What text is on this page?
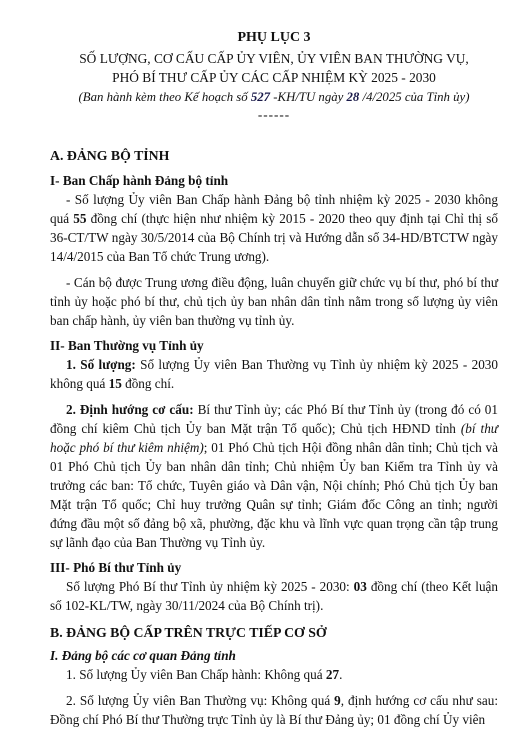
PHỤ LỤC 3
SỐ LƯỢNG, CƠ CẤU CẤP ỦY VIÊN, ỦY VIÊN BAN THƯỜNG VỤ,
PHÓ BÍ THƯ CẤP ỦY CÁC CẤP NHIỆM KỲ 2025 - 2030
(Ban hành kèm theo Kế hoạch số 527 -KH/TU ngày 28 /4/2025 của Tỉnh ủy)
------
A. ĐẢNG BỘ TỈNH
I- Ban Chấp hành Đảng bộ tỉnh

- Số lượng Ủy viên Ban Chấp hành Đảng bộ tỉnh nhiệm kỳ 2025 - 2030 không quá 55 đồng chí (thực hiện như nhiệm kỳ 2015 - 2020 theo quy định tại Chỉ thị số 36-CT/TW ngày 30/5/2014 của Bộ Chính trị và Hướng dẫn số 34-HD/BTCTW ngày 14/4/2015 của Ban Tổ chức Trung ương).

- Cán bộ được Trung ương điều động, luân chuyển giữ chức vụ bí thư, phó bí thư tỉnh ủy hoặc phó bí thư, chủ tịch ủy ban nhân dân tỉnh nằm trong số lượng ủy viên ban chấp hành, ủy viên ban thường vụ tỉnh ủy.

II- Ban Thường vụ Tỉnh ủy

1. Số lượng: Số lượng Ủy viên Ban Thường vụ Tỉnh ủy nhiệm kỳ 2025 - 2030 không quá 15 đồng chí.

2. Định hướng cơ cấu: Bí thư Tỉnh ủy; các Phó Bí thư Tỉnh ủy (trong đó có 01 đồng chí kiêm Chủ tịch Ủy ban Mặt trận Tổ quốc); Chủ tịch HĐND tỉnh (bí thư hoặc phó bí thư kiêm nhiệm); 01 Phó Chủ tịch Hội đồng nhân dân tỉnh; Chủ tịch và 01 Phó Chủ tịch Ủy ban nhân dân tỉnh; Chủ nhiệm Ủy ban Kiểm tra Tỉnh ủy và trưởng các ban: Tổ chức, Tuyên giáo và Dân vận, Nội chính; Phó Chủ tịch Ủy ban Mặt trận Tổ quốc; Chỉ huy trưởng Quân sự tỉnh; Giám đốc Công an tỉnh; người đứng đầu một số đảng bộ xã, phường, đặc khu và lĩnh vực quan trọng cần tập trung sự lãnh đạo của Ban Thường vụ Tỉnh ủy.

III- Phó Bí thư Tỉnh ủy

Số lượng Phó Bí thư Tỉnh ủy nhiệm kỳ 2025 - 2030: 03 đồng chí (theo Kết luận số 102-KL/TW, ngày 30/11/2024 của Bộ Chính trị).

B. ĐẢNG BỘ CẤP TRÊN TRỰC TIẾP CƠ SỞ
I. Đảng bộ các cơ quan Đảng tỉnh

1. Số lượng Ủy viên Ban Chấp hành: Không quá 27.

2. Số lượng Ủy viên Ban Thường vụ: Không quá 9, định hướng cơ cấu như sau: Đồng chí Phó Bí thư Thường trực Tỉnh ủy là Bí thư Đảng ủy; 01 đồng chí Ủy viên
